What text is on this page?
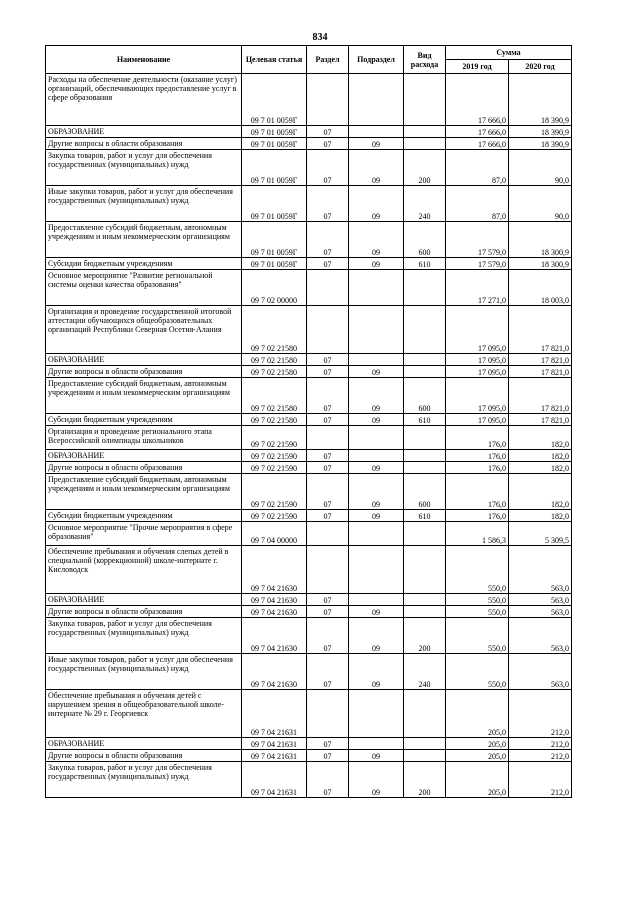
834
Наименование	Целевая статья	Раздел	Подраздел	Вид расхода	Сумма	
					2019 год	2020 год
Расходы на обеспечение деятельности (оказание услуг) организаций, обеспечивающих предоставление услуг в сфере образования	09 7 01 0059Г				17 666,0	18 390,9
ОБРАЗОВАНИЕ	09 7 01 0059Г	07			17 666,0	18 390,9
Другие вопросы в области образования	09 7 01 0059Г	07	09		17 666,0	18 390,9
Закупка товаров, работ и услуг для обеспечения государственных (муниципальных) нужд	09 7 01 0059Г	07	09	200	87,0	90,0
Иные закупки товаров, работ и услуг для обеспечения государственных (муниципальных) нужд	09 7 01 0059Г	07	09	240	87,0	90,0
Предоставление субсидий бюджетным, автономным учреждениям и иным некоммерческим организациям	09 7 01 0059Г	07	09	600	17 579,0	18 300,9
Субсидии бюджетным учреждениям	09 7 01 0059Г	07	09	610	17 579,0	18 300,9
Основное мероприятие "Развитие региональной системы оценки качества образования"	09 7 02 00000				17 271,0	18 003,0
Организация и проведение государственной итоговой аттестации обучающихся общеобразовательных организаций Республики Северная Осетия-Алания	09 7 02 21580				17 095,0	17 821,0
ОБРАЗОВАНИЕ	09 7 02 21580	07			17 095,0	17 821,0
Другие вопросы в области образования	09 7 02 21580	07	09		17 095,0	17 821,0
Предоставление субсидий бюджетным, автономным учреждениям и иным некоммерческим организациям	09 7 02 21580	07	09	600	17 095,0	17 821,0
Субсидии бюджетным учреждениям	09 7 02 21580	07	09	610	17 095,0	17 821,0
Организация и проведение регионального этапа Всероссийской олимпиады школьников	09 7 02 21590				176,0	182,0
ОБРАЗОВАНИЕ	09 7 02 21590	07			176,0	182,0
Другие вопросы в области образования	09 7 02 21590	07	09		176,0	182,0
Предоставление субсидий бюджетным, автономным учреждениям и иным некоммерческим организациям	09 7 02 21590	07	09	600	176,0	182,0
Субсидии бюджетным учреждениям	09 7 02 21590	07	09	610	176,0	182,0
Основное мероприятие "Прочие мероприятия в сфере образования"	09 7 04 00000				1 586,3	5 309,5
Обеспечение пребывания и обучения слепых детей в специальной (коррекционной) школе-интернате г. Кисловодск	09 7 04 21630				550,0	563,0
ОБРАЗОВАНИЕ	09 7 04 21630	07			550,0	563,0
Другие вопросы в области образования	09 7 04 21630	07	09		550,0	563,0
Закупка товаров, работ и услуг для обеспечения государственных (муниципальных) нужд	09 7 04 21630	07	09	200	550,0	563,0
Иные закупки товаров, работ и услуг для обеспечения государственных (муниципальных) нужд	09 7 04 21630	07	09	240	550,0	563,0
Обеспечение пребывания и обучения детей с нарушением зрения в общеобразовательной школе-интернате № 29 г. Георгиевск	09 7 04 21631				205,0	212,0
ОБРАЗОВАНИЕ	09 7 04 21631	07			205,0	212,0
Другие вопросы в области образования	09 7 04 21631	07	09		205,0	212,0
Закупка товаров, работ и услуг для обеспечения государственных (муниципальных) нужд	09 7 04 21631	07	09	200	205,0	212,0
